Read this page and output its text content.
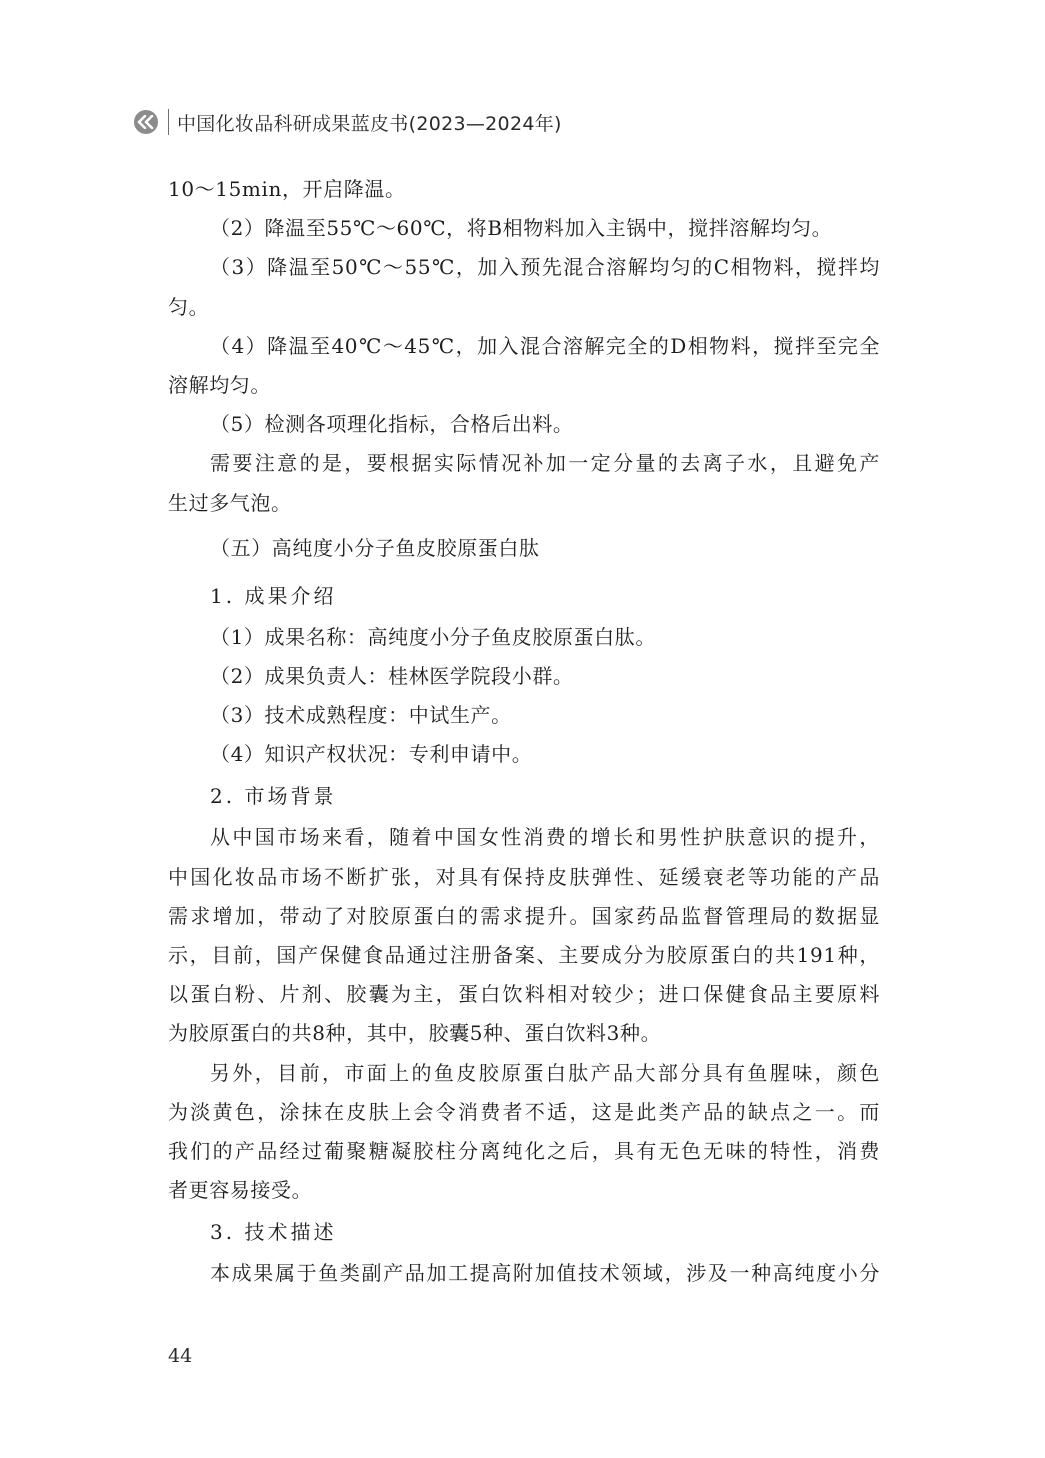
中国化妆品科研成果蓝皮书(2023—2024年)
10～15min，开启降温。
（2）降温至55℃～60℃，将B相物料加入主锅中，搅拌溶解均匀。
（3）降温至50℃～55℃，加入预先混合溶解均匀的C相物料，搅拌均
匀。
（4）降温至40℃～45℃，加入混合溶解完全的D相物料，搅拌至完全
溶解均匀。
（5）检测各项理化指标，合格后出料。
需要注意的是，要根据实际情况补加一定分量的去离子水，且避免产
生过多气泡。
（五）高纯度小分子鱼皮胶原蛋白肽
1. 成果介绍
（1）成果名称：高纯度小分子鱼皮胶原蛋白肽。
（2）成果负责人：桂林医学院段小群。
（3）技术成熟程度：中试生产。
（4）知识产权状况：专利申请中。
2. 市场背景
从中国市场来看，随着中国女性消费的增长和男性护肤意识的提升，
中国化妆品市场不断扩张，对具有保持皮肤弹性、延缓衰老等功能的产品
需求增加，带动了对胶原蛋白的需求提升。国家药品监督管理局的数据显
示，目前，国产保健食品通过注册备案、主要成分为胶原蛋白的共191种，
以蛋白粉、片剂、胶囊为主，蛋白饮料相对较少；进口保健食品主要原料
为胶原蛋白的共8种，其中，胶囊5种、蛋白饮料3种。
另外，目前，市面上的鱼皮胶原蛋白肽产品大部分具有鱼腥味，颜色
为淡黄色，涂抹在皮肤上会令消费者不适，这是此类产品的缺点之一。而
我们的产品经过葡聚糖凝胶柱分离纯化之后，具有无色无味的特性，消费
者更容易接受。
3. 技术描述
本成果属于鱼类副产品加工提高附加值技术领域，涉及一种高纯度小分
44
